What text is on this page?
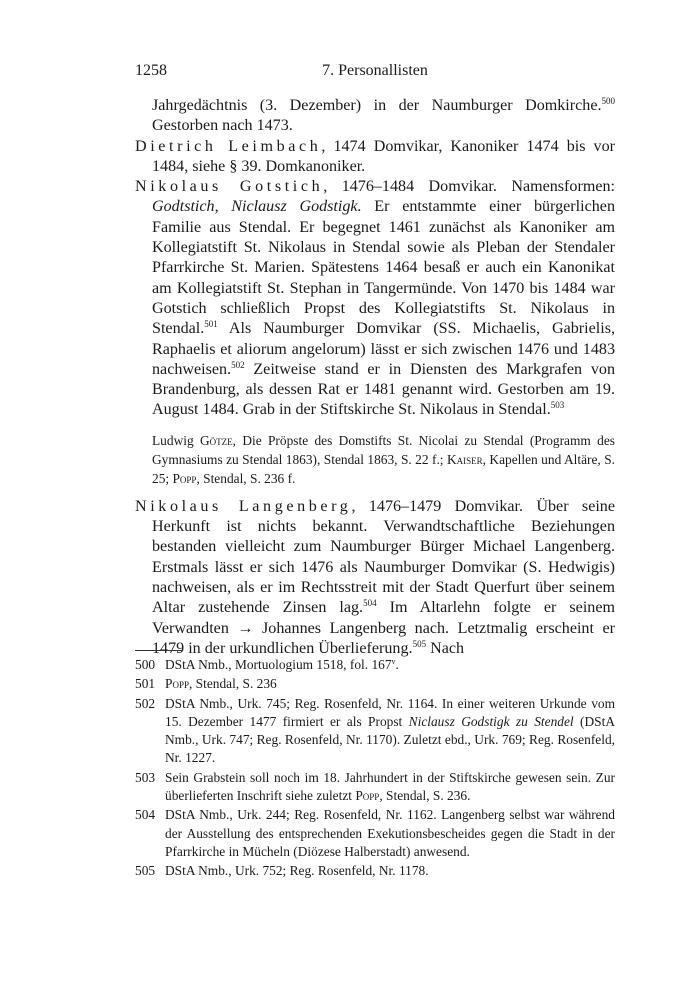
1258	7. Personallisten

Jahrgedächtnis (3. Dezember) in der Naumburger Domkirche.$^{500}$ Gestorben nach 1473.

Dietrich Leimbach, 1474 Domvikar, Kanoniker 1474 bis vor 1484, siehe § 39. Domkanoniker.

Nikolaus Gotstich, 1476–1484 Domvikar. Namensformen: Godtstich, Niclausz Godstigk. Er entstammte einer bürgerlichen Familie aus Stendal. Er begegnet 1461 zunächst als Kanoniker am Kollegiatstift St. Nikolaus in Stendal sowie als Pleban der Stendaler Pfarrkirche St. Marien. Spätestens 1464 besaß er auch ein Kanonikat am Kollegiatstift St. Stephan in Tangermünde. Von 1470 bis 1484 war Gotstich schließlich Propst des Kollegiatstifts St. Nikolaus in Stendal.$^{501}$ Als Naumburger Domvikar (SS. Michaelis, Gabrielis, Raphaelis et aliorum angelorum) lässt er sich zwischen 1476 und 1483 nachweisen.$^{502}$ Zeitweise stand er in Diensten des Markgrafen von Brandenburg, als dessen Rat er 1481 genannt wird. Gestorben am 19. August 1484. Grab in der Stiftskirche St. Nikolaus in Stendal.$^{503}$

Ludwig Götze, Die Pröpste des Domstifts St. Nicolai zu Stendal (Programm des Gymnasiums zu Stendal 1863), Stendal 1863, S. 22 f.; Kaiser, Kapellen und Altäre, S. 25; Popp, Stendal, S. 236 f.

Nikolaus Langenberg, 1476–1479 Domvikar. Über seine Herkunft ist nichts bekannt. Verwandtschaftliche Beziehungen bestanden vielleicht zum Naumburger Bürger Michael Langenberg. Erstmals lässt er sich 1476 als Naumburger Domvikar (S. Hedwigis) nachweisen, als er im Rechtsstreit mit der Stadt Querfurt über seinem Altar zustehende Zinsen lag.$^{504}$ Im Altarlehn folgte er seinem Verwandten → Johannes Langenberg nach. Letztmalig erscheint er 1479 in der urkundlichen Überlieferung.$^{505}$ Nach

500 DStA Nmb., Mortuologium 1518, fol. 167$^v$.

501 Popp, Stendal, S. 236

502 DStA Nmb., Urk. 745; Reg. Rosenfeld, Nr. 1164. In einer weiteren Urkunde vom 15. Dezember 1477 firmiert er als Propst Niclausz Godstigk zu Stendel (DStA Nmb., Urk. 747; Reg. Rosenfeld, Nr. 1170). Zuletzt ebd., Urk. 769; Reg. Rosenfeld, Nr. 1227.

503 Sein Grabstein soll noch im 18. Jahrhundert in der Stiftskirche gewesen sein. Zur überlieferten Inschrift siehe zuletzt Popp, Stendal, S. 236.

504 DStA Nmb., Urk. 244; Reg. Rosenfeld, Nr. 1162. Langenberg selbst war während der Ausstellung des entsprechenden Exekutionsbescheides gegen die Stadt in der Pfarrkirche in Mücheln (Diözese Halberstadt) anwesend.

505 DStA Nmb., Urk. 752; Reg. Rosenfeld, Nr. 1178.
